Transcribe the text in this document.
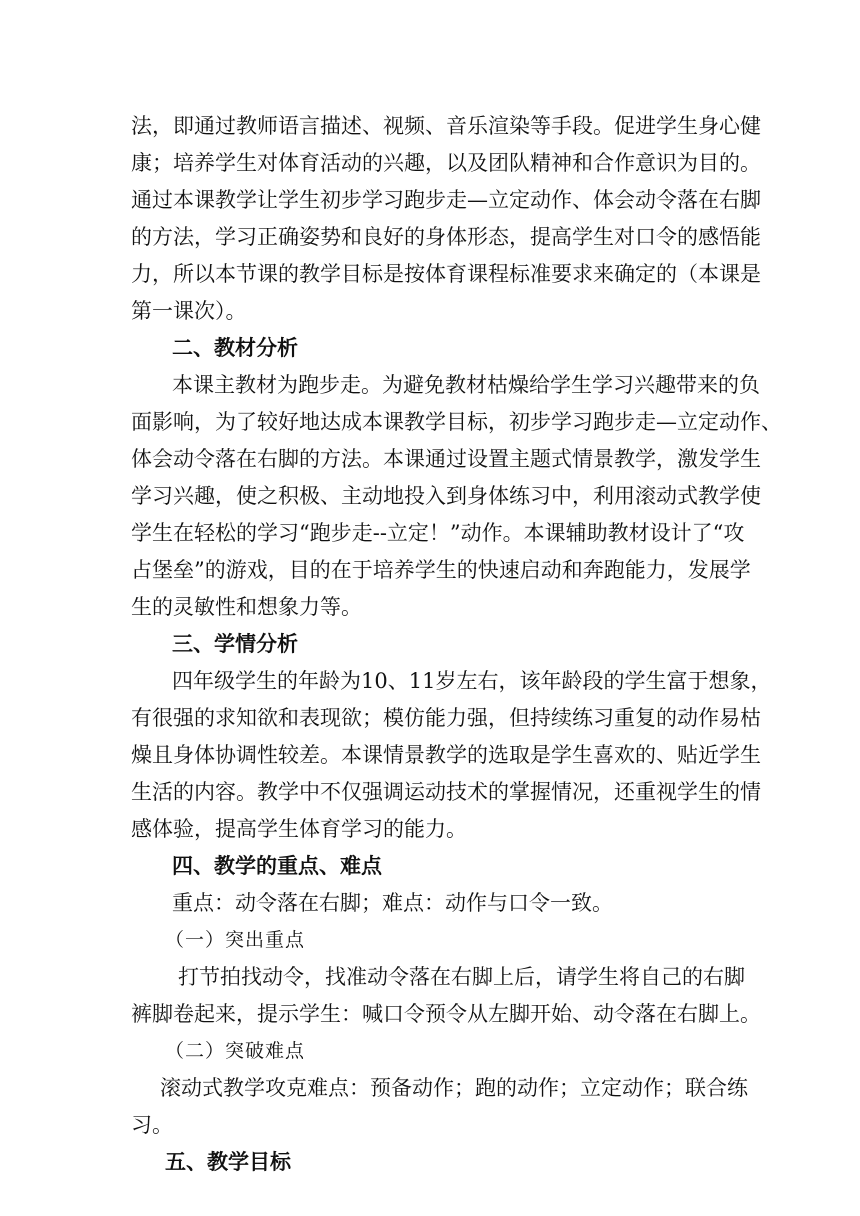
法，即通过教师语言描述、视频、音乐渲染等手段。促进学生身心健

康；培养学生对体育活动的兴趣，以及团队精神和合作意识为目的。

通过本课教学让学生初步学习跑步走—立定动作、体会动令落在右脚

的方法，学习正确姿势和良好的身体形态，提高学生对口令的感悟能

力，所以本节课的教学目标是按体育课程标准要求来确定的（本课是

第一课次）。

二、教材分析

本课主教材为跑步走。为避免教材枯燥给学生学习兴趣带来的负

面影响，为了较好地达成本课教学目标，初步学习跑步走—立定动作、

体会动令落在右脚的方法。本课通过设置主题式情景教学，激发学生

学习兴趣，使之积极、主动地投入到身体练习中，利用滚动式教学使

学生在轻松的学习“跑步走--立定！”动作。本课辅助教材设计了“攻

占堡垒”的游戏，目的在于培养学生的快速启动和奔跑能力，发展学

生的灵敏性和想象力等。

三、学情分析

四年级学生的年龄为10、11岁左右，该年龄段的学生富于想象，

有很强的求知欲和表现欲；模仿能力强，但持续练习重复的动作易枯

燥且身体协调性较差。本课情景教学的选取是学生喜欢的、贴近学生

生活的内容。教学中不仅强调运动技术的掌握情况，还重视学生的情

感体验，提高学生体育学习的能力。

四、教学的重点、难点

重点：动令落在右脚；难点：动作与口令一致。

（一）突出重点

打节拍找动令，找准动令落在右脚上后，请学生将自己的右脚

裤脚卷起来，提示学生：喊口令预令从左脚开始、动令落在右脚上。

（二）突破难点

滚动式教学攻克难点：预备动作；跑的动作；立定动作；联合练

习。

五、教学目标
